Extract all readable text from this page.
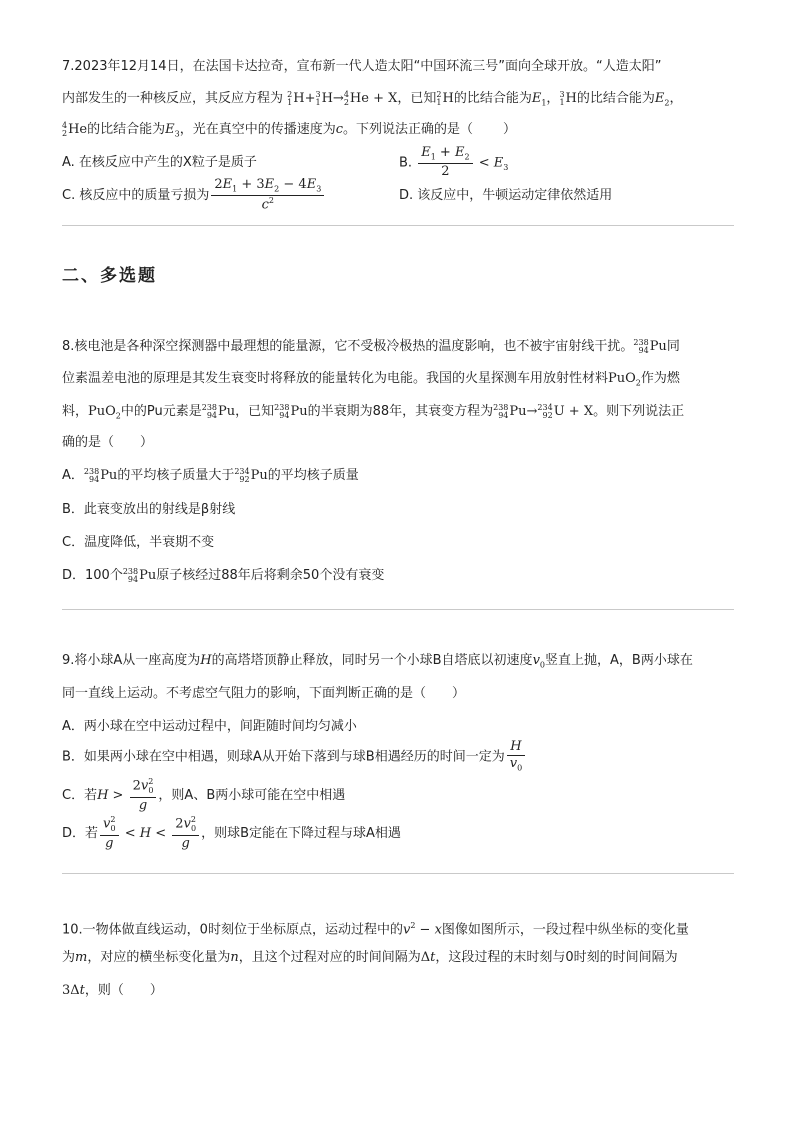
7.2023年12月14日，在法国卡达拉奇，宣布新一代人造太阳“中国环流三号”面向全球开放。“人造太阳”
内部发生的一种核反应，其反应方程为 2
1 H+ 3
1 H→ 4
2 He + X，已知 2
1 H的比结合能为$E_1$， 3
1 H的比结合能为$E_2$，
4
2 He的比结合能为$E_3$，光在真空中的传播速度为c。下列说法正确的是（ ）
A. 在核反应中产生的X粒子是质子	B. $\frac{E_1 + E_2}{2} < E_3$
C. 核反应中的质量亏损为 $\frac{2E_1 + 3E_2 - 4E_3}{c^2}$	D. 该反应中，牛顿运动定律依然适用
二、多选题
8.核电池是各种深空探测器中最理想的能量源，它不受极冷极热的温度影响，也不被宇宙射线干扰。 238
94 Pu同
位素温差电池的原理是其发生衰变时将释放的能量转化为电能。我国的火星探测车用放射性材料PuO$_2$作为燃
料，PuO$_2$中的Pu元素是 238
94 Pu，已知 238
94 Pu的半衰期为88年，其衰变方程为 238
94 Pu→ 234
92 U + X。则下列说法正
确的是（　　）
A． 238
94 Pu的平均核子质量大于 234
92 Pu的平均核子质量
B．此衰变放出的射线是β射线
C．温度降低，半衰期不变
D．100个 238
94 Pu原子核经过88年后将剩余50个没有衰变
9.将小球A从一座高度为H的高塔塔顶静止释放，同时另一个小球B自塔底以初速度$v_0$竖直上抛，A，B两小球在
同一直线上运动。不考虑空气阻力的影响，下面判断正确的是（　　）
A．两小球在空中运动过程中，间距随时间均匀减小
B．如果两小球在空中相遇，则球A从开始下落到与球B相遇经历的时间一定为 $\frac{H}{v_0}$
C．若$H > \frac{2v^2_0}{g}$ ，则A、B两小球可能在空中相遇
D．若 $\frac{v^2_0}{g} < H < \frac{2v^2_0}{g}$ ，则球B定能在下降过程与球A相遇
10.一物体做直线运动，0时刻位于坐标原点，运动过程中的$v^2 - x$图像如图所示，一段过程中纵坐标的变化量
为m，对应的横坐标变化量为n，且这个过程对应的时间间隔为Δt，这段过程的末时刻与0时刻的时间间隔为
3Δt，则（　　）
